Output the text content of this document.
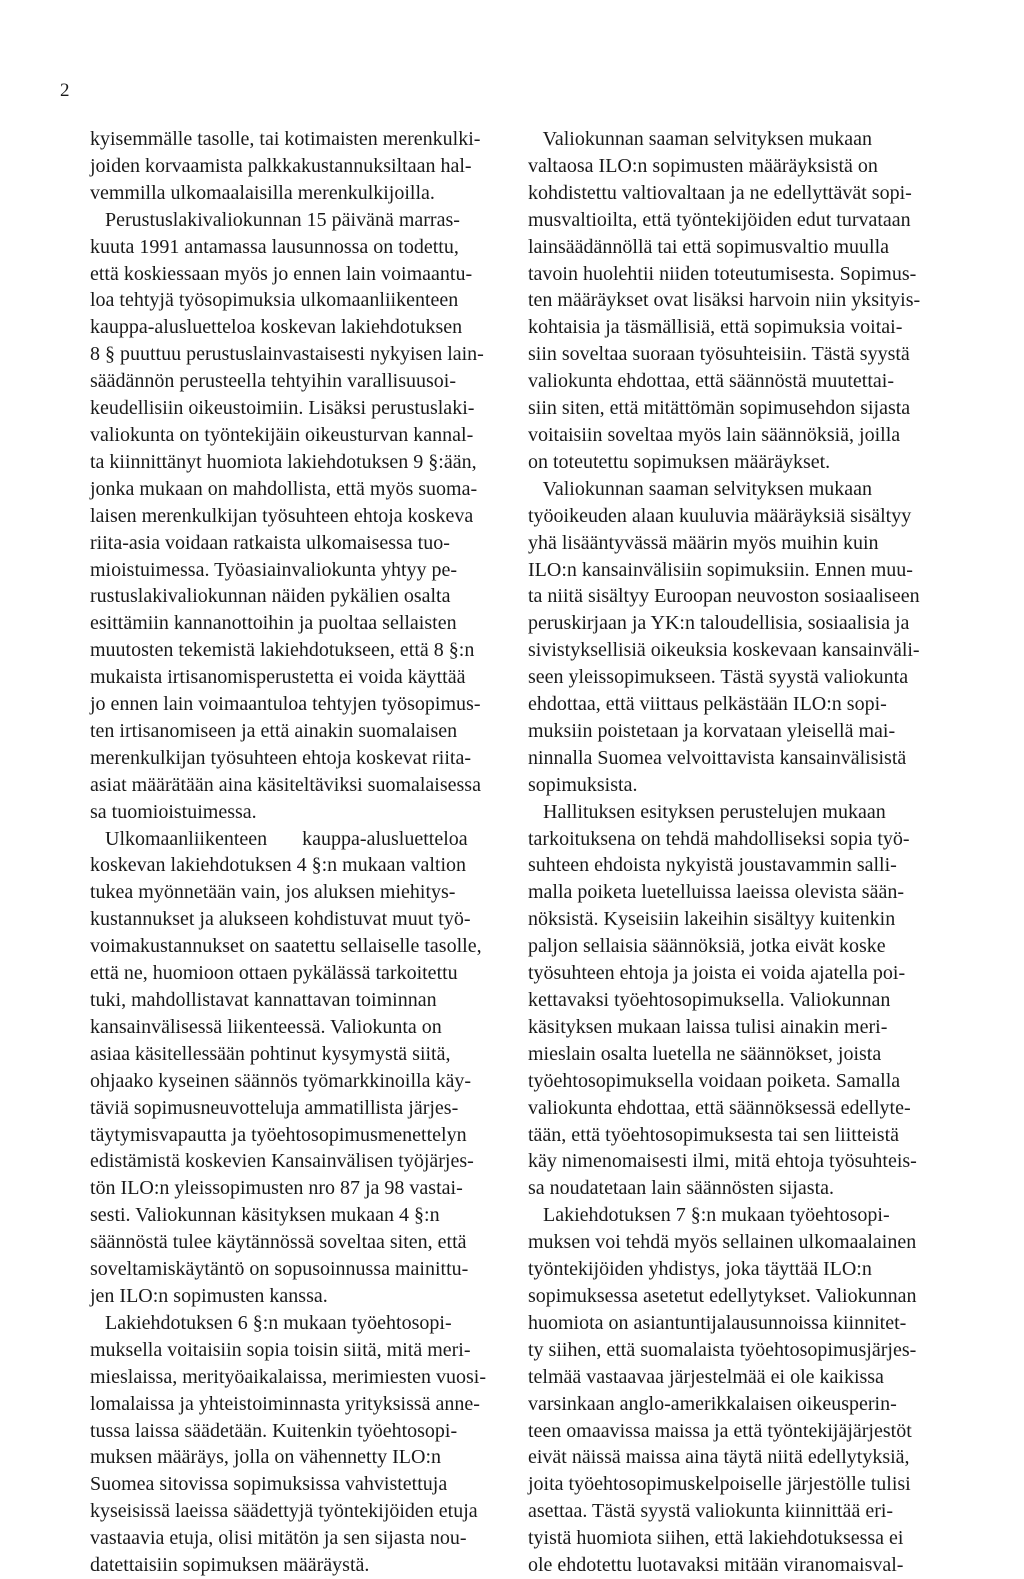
2
kyisemmälle tasolle, tai kotimaisten merenkulki-
joiden korvaamista palkkakustannuksiltaan hal-
vemmilla ulkomaalaisilla merenkulkijoilla.
Perustuslakivaliokunnan 15 päivänä marras-
kuuta 1991 antamassa lausunnossa on todettu,
että koskiessaan myös jo ennen lain voimaantu-
loa tehtyjä työsopimuksia ulkomaanliikenteen
kauppa-alusluetteloa koskevan lakiehdotuksen
8 § puuttuu perustuslainvastaisesti nykyisen lain-
säädännön perusteella tehtyihin varallisuusoi-
keudellisiin oikeustoimiin. Lisäksi perustuslaki-
valiokunta on työntekijäin oikeusturvan kannal-
ta kiinnittänyt huomiota lakiehdotuksen 9 §:ään,
jonka mukaan on mahdollista, että myös suoma-
laisen merenkulkijan työsuhteen ehtoja koskeva
riita-asia voidaan ratkaista ulkomaisessa tuo-
mioistuimessa. Työasiainvaliokunta yhtyy pe-
rustuslakivaliokunnan näiden pykälien osalta
esittämiin kannanottoihin ja puoltaa sellaisten
muutosten tekemistä lakiehdotukseen, että 8 §:n
mukaista irtisanomisperustetta ei voida käyttää
jo ennen lain voimaantuloa tehtyjen työsopimus-
ten irtisanomiseen ja että ainakin suomalaisen
merenkulkijan työsuhteen ehtoja koskevat riita-
asiat määrätään aina käsiteltäviksi suomalaisessa
sa tuomioistuimessa.
Ulkomaanliikenteen       kauppa-alusluetteloa
koskevan lakiehdotuksen 4 §:n mukaan valtion
tukea myönnetään vain, jos aluksen miehitys-
kustannukset ja alukseen kohdistuvat muut työ-
voimakustannukset on saatettu sellaiselle tasolle,
että ne, huomioon ottaen pykälässä tarkoitettu
tuki, mahdollistavat kannattavan toiminnan
kansainvälisessä liikenteessä. Valiokunta on
asiaa käsitellessään pohtinut kysymystä siitä,
ohjaako kyseinen säännös työmarkkinoilla käy-
täviä sopimusneuvotteluja ammatillista järjes-
täytymisvapautta ja työehtosopimusmenettelyn
edistämistä koskevien Kansainvälisen työjärjes-
tön ILO:n yleissopimusten nro 87 ja 98 vastai-
sesti. Valiokunnan käsityksen mukaan 4 §:n
säännöstä tulee käytännössä soveltaa siten, että
soveltamiskäytäntö on sopusoinnussa mainittu-
jen ILO:n sopimusten kanssa.
Lakiehdotuksen 6 §:n mukaan työehtosopi-
muksella voitaisiin sopia toisin siitä, mitä meri-
mieslaissa, merityöaikalaissa, merimiesten vuosi-
lomalaissa ja yhteistoiminnasta yrityksissä anne-
tussa laissa säädetään. Kuitenkin työehtosopi-
muksen määräys, jolla on vähennetty ILO:n
Suomea sitovissa sopimuksissa vahvistettuja
kyseisissä laeissa säädettyjä työntekijöiden etuja
vastaavia etuja, olisi mitätön ja sen sijasta nou-
datettaisiin sopimuksen määräystä.
Valiokunnan saaman selvityksen mukaan
valtaosa ILO:n sopimusten määräyksistä on
kohdistettu valtiovaltaan ja ne edellyttävät sopi-
musvaltioilta, että työntekijöiden edut turvataan
lainsäädännöllä tai että sopimusvaltio muulla
tavoin huolehtii niiden toteutumisesta. Sopimus-
ten määräykset ovat lisäksi harvoin niin yksityis-
kohtaisia ja täsmällisiä, että sopimuksia voitai-
siin soveltaa suoraan työsuhteisiin. Tästä syystä
valiokunta ehdottaa, että säännöstä muutettai-
siin siten, että mitättömän sopimusehdon sijasta
voitaisiin soveltaa myös lain säännöksiä, joilla
on toteutettu sopimuksen määräykset.
Valiokunnan saaman selvityksen mukaan
työoikeuden alaan kuuluvia määräyksiä sisältyy
yhä lisääntyvässä määrin myös muihin kuin
ILO:n kansainvälisiin sopimuksiin. Ennen muu-
ta niitä sisältyy Euroopan neuvoston sosiaaliseen
peruskirjaan ja YK:n taloudellisia, sosiaalisia ja
sivistyksellisiä oikeuksia koskevaan kansainväli-
seen yleissopimukseen. Tästä syystä valiokunta
ehdottaa, että viittaus pelkästään ILO:n sopi-
muksiin poistetaan ja korvataan yleisellä mai-
ninnalla Suomea velvoittavista kansainvälisistä
sopimuksista.
Hallituksen esityksen perustelujen mukaan
tarkoituksena on tehdä mahdolliseksi sopia työ-
suhteen ehdoista nykyistä joustavammin salli-
malla poiketa luetelluissa laeissa olevista sään-
nöksistä. Kyseisiin lakeihin sisältyy kuitenkin
paljon sellaisia säännöksiä, jotka eivät koske
työsuhteen ehtoja ja joista ei voida ajatella poi-
kettavaksi työehtosopimuksella. Valiokunnan
käsityksen mukaan laissa tulisi ainakin meri-
mieslain osalta luetella ne säännökset, joista
työehtosopimuksella voidaan poiketa. Samalla
valiokunta ehdottaa, että säännöksessä edellyte-
tään, että työehtosopimuksesta tai sen liitteistä
käy nimenomaisesti ilmi, mitä ehtoja työsuhteis-
sa noudatetaan lain säännösten sijasta.
Lakiehdotuksen 7 §:n mukaan työehtosopi-
muksen voi tehdä myös sellainen ulkomaalainen
työntekijöiden yhdistys, joka täyttää ILO:n
sopimuksessa asetetut edellytykset. Valiokunnan
huomiota on asiantuntijalausunnoissa kiinnitet-
ty siihen, että suomalaista työehtosopimusjärjes-
telmää vastaavaa järjestelmää ei ole kaikissa
varsinkaan anglo-amerikkalaisen oikeusperin-
teen omaavissa maissa ja että työntekijäjärjestöt
eivät näissä maissa aina täytä niitä edellytyksiä,
joita työehtosopimuskelpoiselle järjestölle tulisi
asettaa. Tästä syystä valiokunta kiinnittää eri-
tyistä huomiota siihen, että lakiehdotuksessa ei
ole ehdotettu luotavaksi mitään viranomaisval-
